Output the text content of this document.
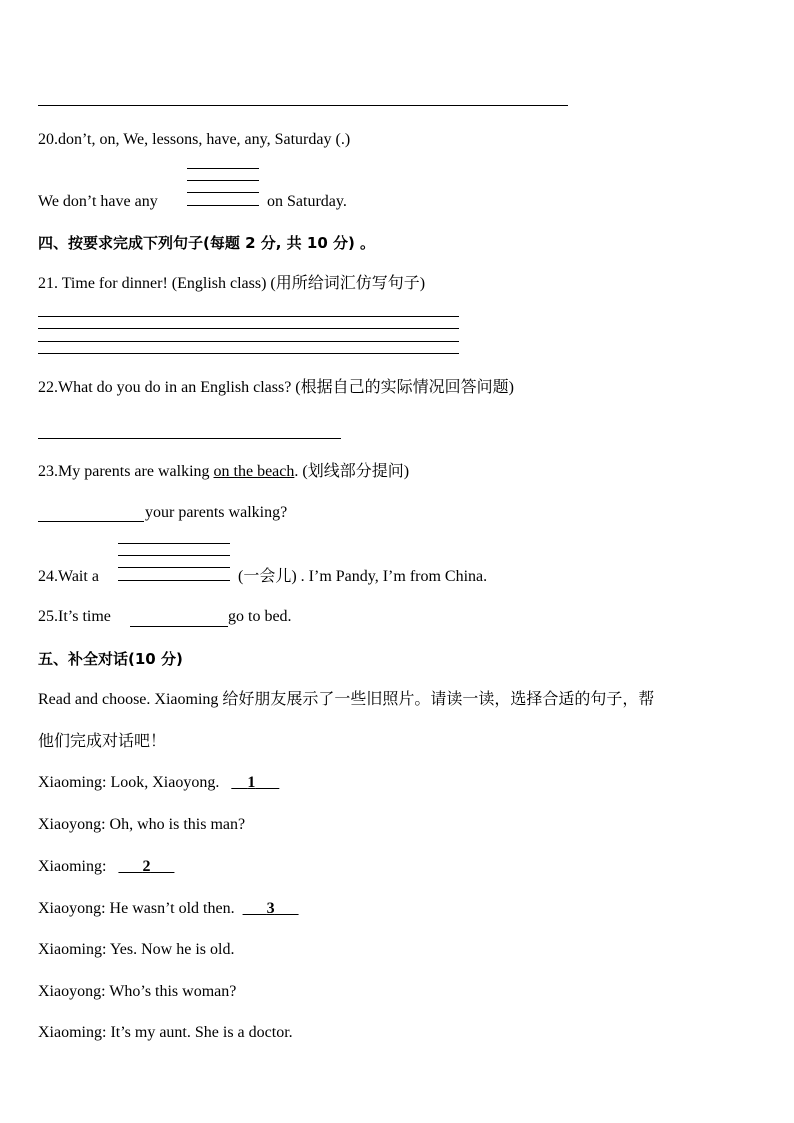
20.don’t, on, We, lessons, have, any, Saturday (.)
We don’t have any	on Saturday.
四、按要求完成下列句子(每题 2 分, 共 10 分) 。
21. Time for dinner! (English class) (用所给词汇仿写句子)
22.What do you do in an English class? (根据自己的实际情况回答问题)
23.My parents are walking on the beach. (划线部分提问)
your parents walking?
24.Wait a	(一会儿) . I’m Pandy, I’m from China.
25.It’s time	go to bed.
五、补全对话(10 分)
Read and choose. Xiaoming 给好朋友展示了一些旧照片。请读一读，选择合适的句子，帮
他们完成对话吧！
Xiaoming: Look, Xiaoyong. 1
Xiaoyong: Oh, who is this man?
Xiaoming: 2
Xiaoyong: He wasn’t old then. 3
Xiaoming: Yes. Now he is old.
Xiaoyong: Who’s this woman?
Xiaoming: It’s my aunt. She is a doctor.
